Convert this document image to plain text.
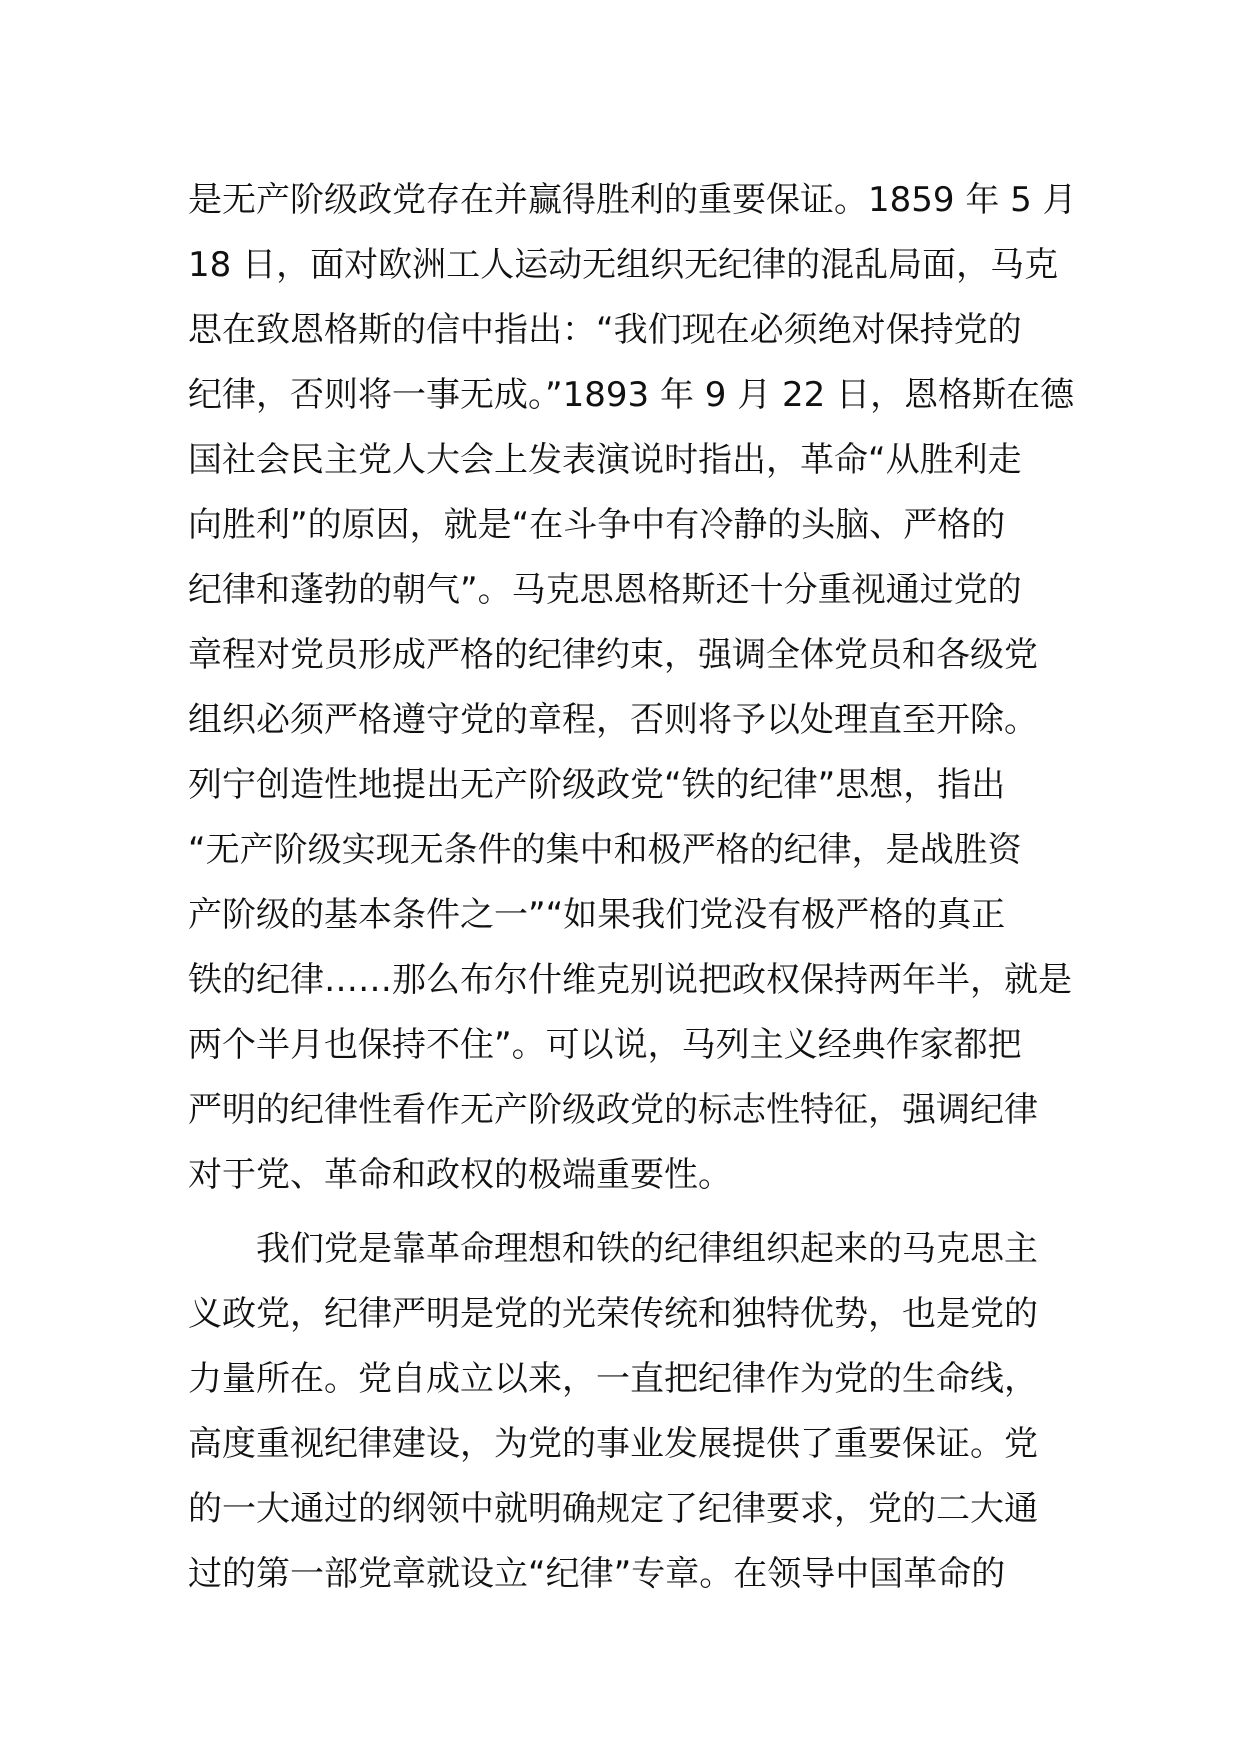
是无产阶级政党存在并赢得胜利的重要保证。1859 年 5 月
18 日，面对欧洲工人运动无组织无纪律的混乱局面，马克
思在致恩格斯的信中指出：“我们现在必须绝对保持党的
纪律，否则将一事无成。”1893 年 9 月 22 日，恩格斯在德
国社会民主党人大会上发表演说时指出，革命“从胜利走
向胜利”的原因，就是“在斗争中有冷静的头脑、严格的
纪律和蓬勃的朝气”。马克思恩格斯还十分重视通过党的
章程对党员形成严格的纪律约束，强调全体党员和各级党
组织必须严格遵守党的章程，否则将予以处理直至开除。
列宁创造性地提出无产阶级政党“铁的纪律”思想，指出
“无产阶级实现无条件的集中和极严格的纪律，是战胜资
产阶级的基本条件之一”“如果我们党没有极严格的真正
铁的纪律……那么布尔什维克别说把政权保持两年半，就是
两个半月也保持不住”。可以说，马列主义经典作家都把
严明的纪律性看作无产阶级政党的标志性特征，强调纪律
对于党、革命和政权的极端重要性。
　　我们党是靠革命理想和铁的纪律组织起来的马克思主
义政党，纪律严明是党的光荣传统和独特优势，也是党的
力量所在。党自成立以来，一直把纪律作为党的生命线，
高度重视纪律建设，为党的事业发展提供了重要保证。党
的一大通过的纲领中就明确规定了纪律要求，党的二大通
过的第一部党章就设立“纪律”专章。在领导中国革命的
